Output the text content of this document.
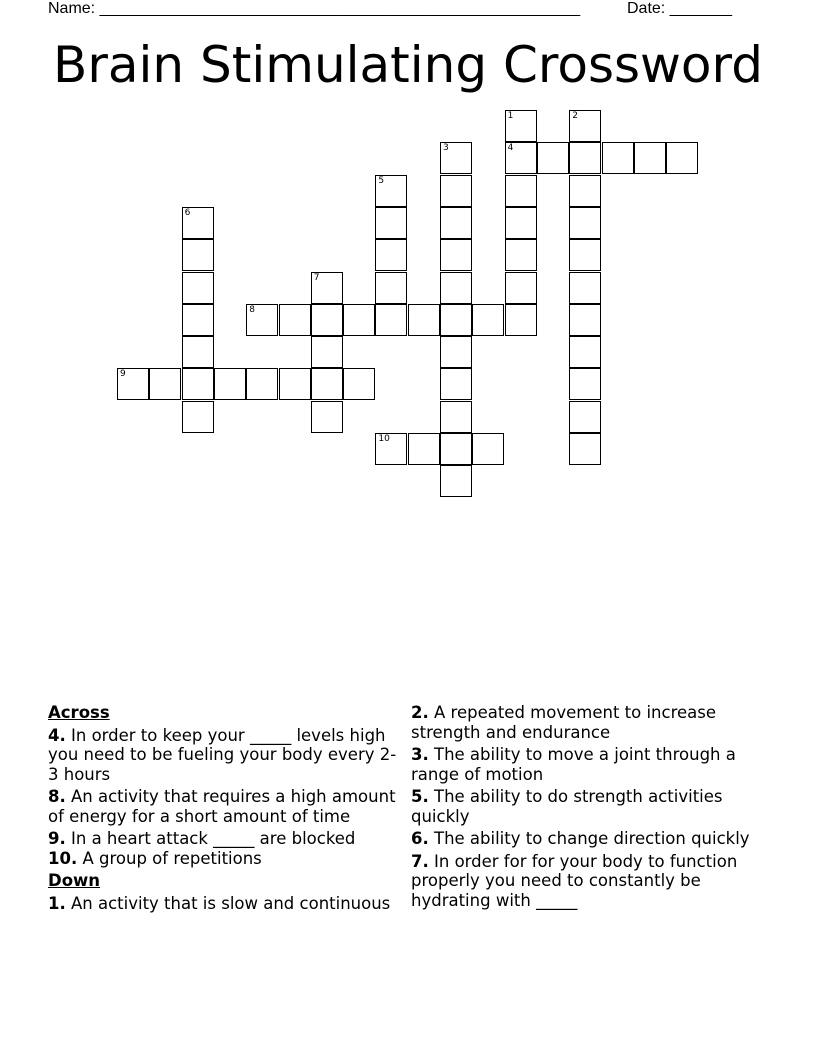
Name: ______________________________________________________	Date: _______
Brain Stimulating Crossword
4
8
9
10
1	2
3
5
6
7
Across
4. In order to keep your _____ levels high you need to be fueling your body every 2-3 hours
8. An activity that requires a high amount of energy for a short amount of time
9. In a heart attack _____ are blocked
10. A group of repetitions
Down
1. An activity that is slow and continuous
2. A repeated movement to increase strength and endurance
3. The ability to move a joint through a range of motion
5. The ability to do strength activities quickly
6. The ability to change direction quickly
7. In order for for your body to function properly you need to constantly be hydrating with _____
